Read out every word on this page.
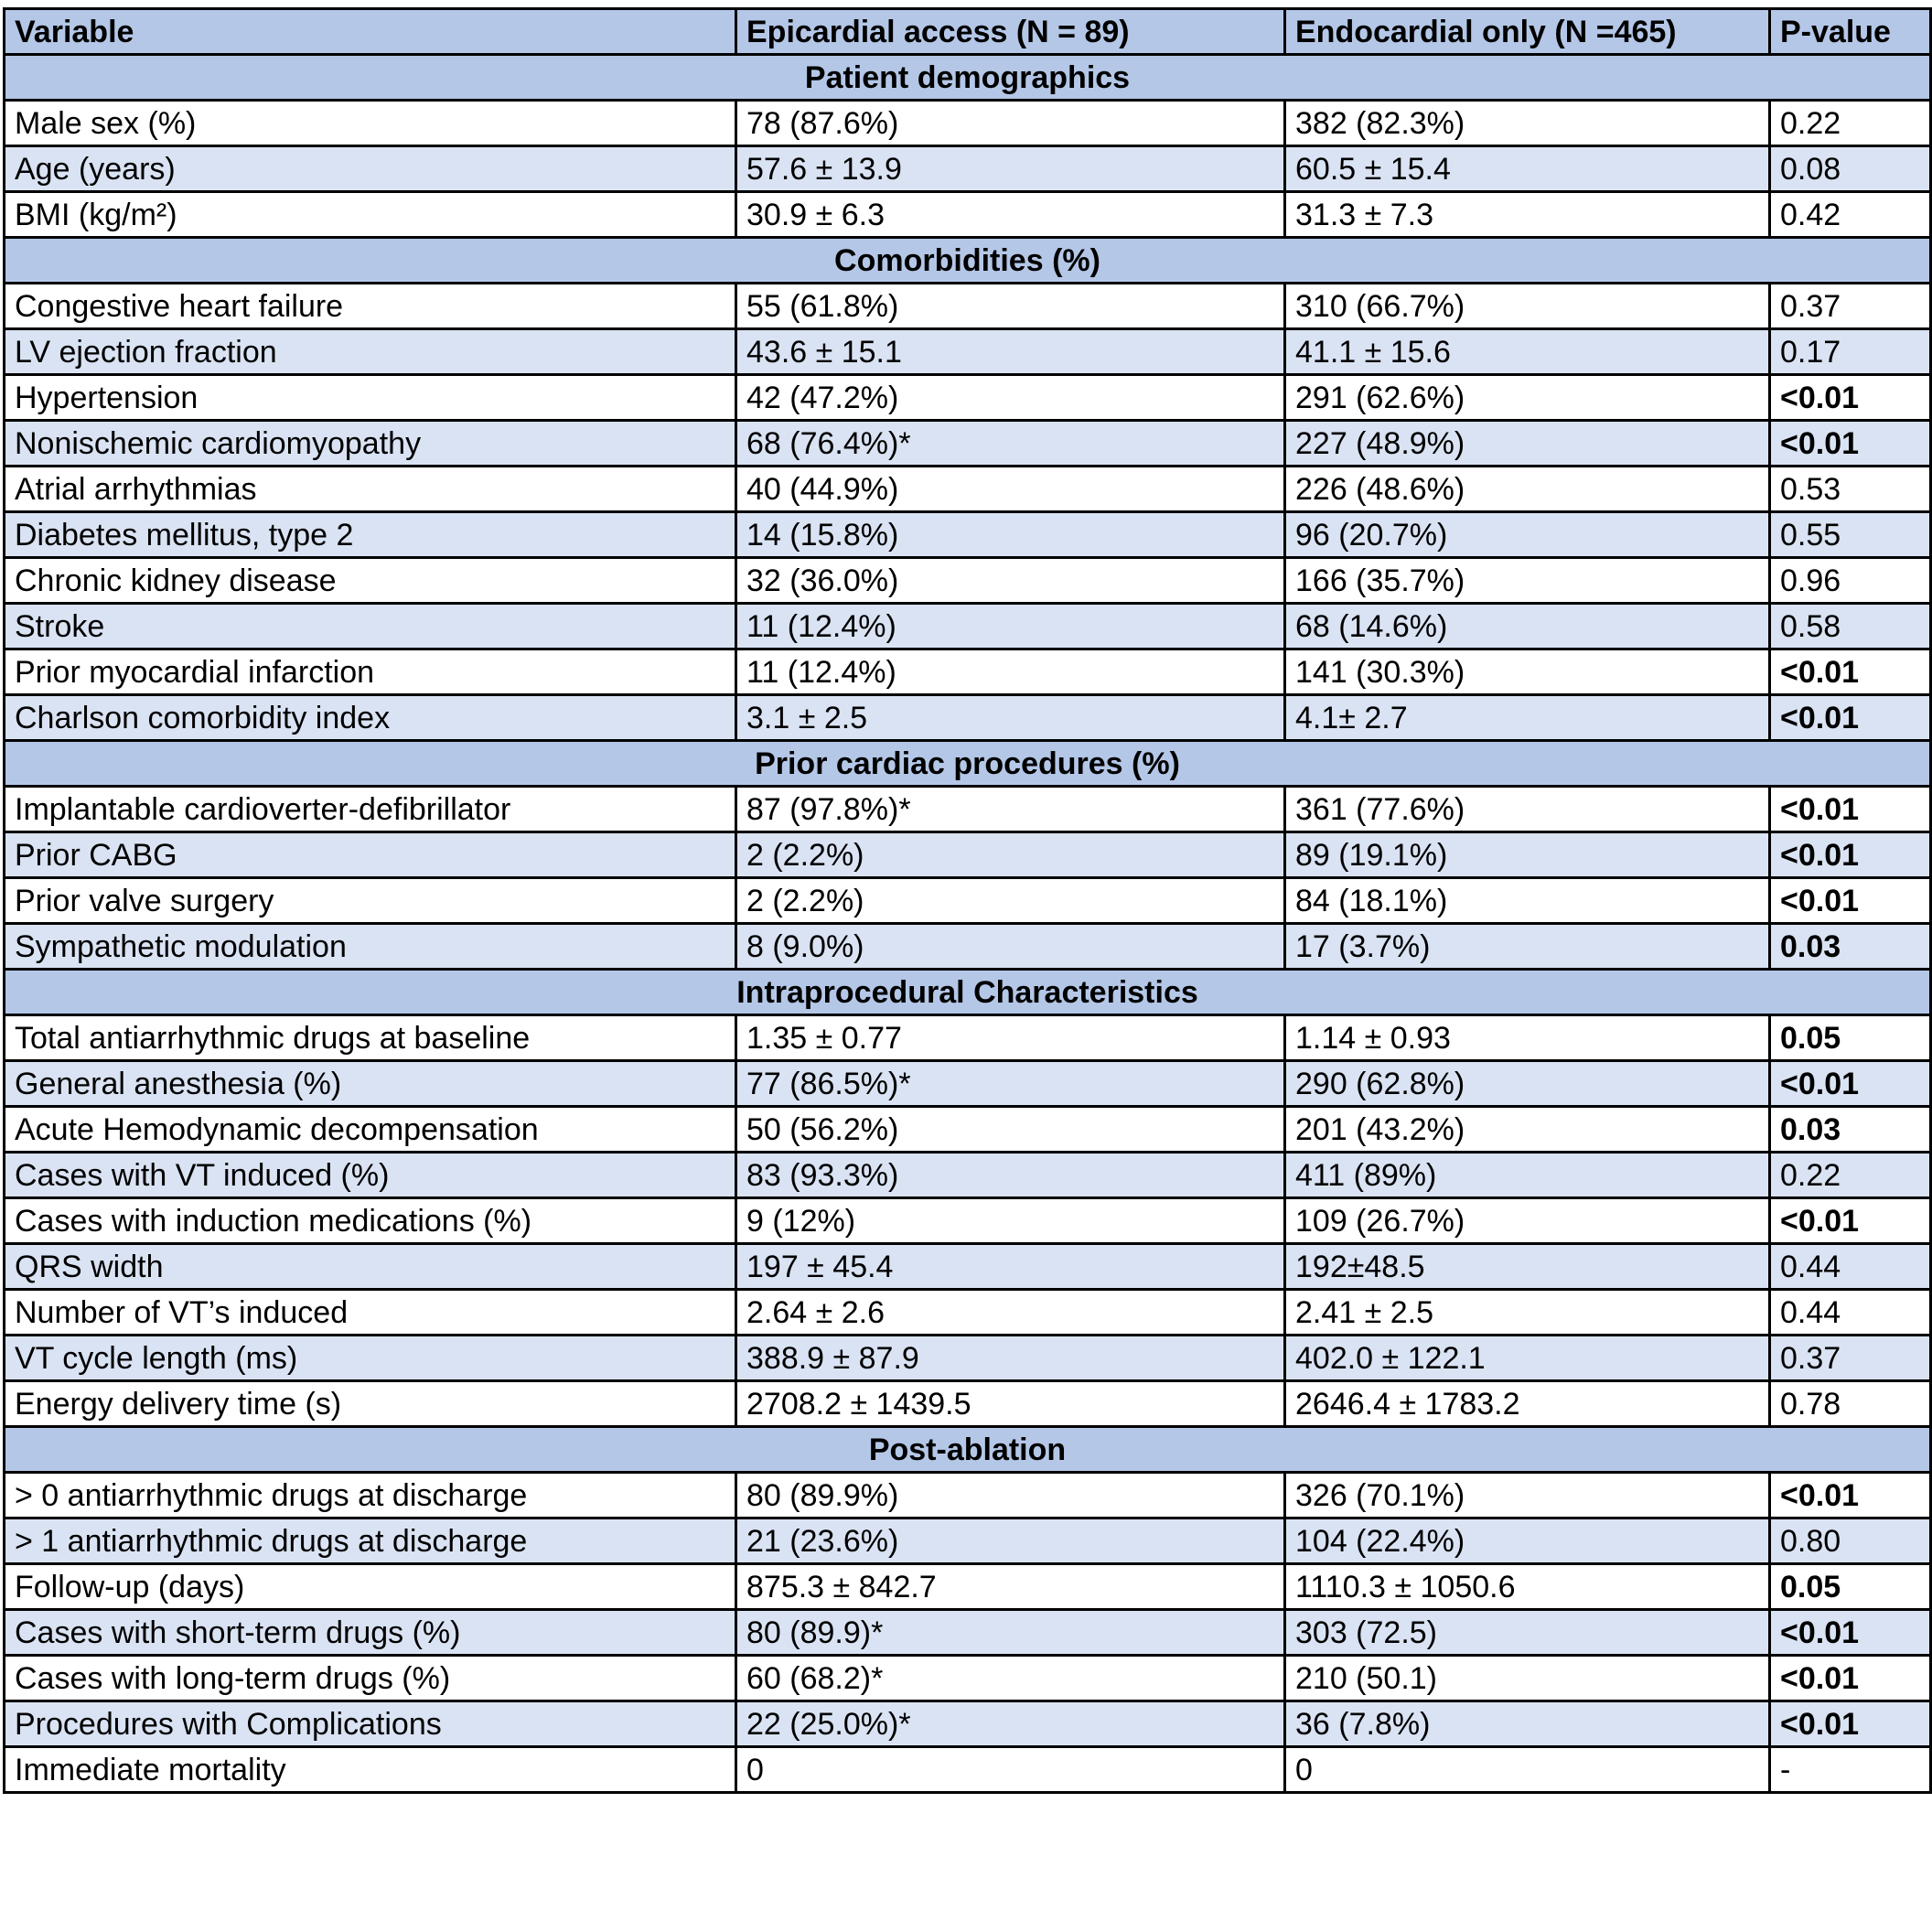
Variable	Epicardial access (N = 89)	Endocardial only (N =465)	P-value
Patient demographics			
Male sex (%)	78 (87.6%)	382 (82.3%)	0.22
Age (years)	57.6 ± 13.9	60.5 ± 15.4	0.08
BMI (kg/m²)	30.9 ± 6.3	31.3 ± 7.3	0.42
Comorbidities (%)			
Congestive heart failure	55 (61.8%)	310 (66.7%)	0.37
LV ejection fraction	43.6 ± 15.1	41.1 ± 15.6	0.17
Hypertension	42 (47.2%)	291 (62.6%)	<0.01
Nonischemic cardiomyopathy	68 (76.4%)*	227 (48.9%)	<0.01
Atrial arrhythmias	40 (44.9%)	226 (48.6%)	0.53
Diabetes mellitus, type 2	14 (15.8%)	96 (20.7%)	0.55
Chronic kidney disease	32 (36.0%)	166 (35.7%)	0.96
Stroke	11 (12.4%)	68 (14.6%)	0.58
Prior myocardial infarction	11 (12.4%)	141 (30.3%)	<0.01
Charlson comorbidity index	3.1 ± 2.5	4.1± 2.7	<0.01
Prior cardiac procedures (%)			
Implantable cardioverter-defibrillator	87 (97.8%)*	361 (77.6%)	<0.01
Prior CABG	2 (2.2%)	89 (19.1%)	<0.01
Prior valve surgery	2 (2.2%)	84 (18.1%)	<0.01
Sympathetic modulation	8 (9.0%)	17 (3.7%)	0.03
Intraprocedural Characteristics			
Total antiarrhythmic drugs at baseline	1.35 ± 0.77	1.14 ± 0.93	0.05
General anesthesia (%)	77 (86.5%)*	290 (62.8%)	<0.01
Acute Hemodynamic decompensation	50 (56.2%)	201 (43.2%)	0.03
Cases with VT induced (%)	83 (93.3%)	411 (89%)	0.22
Cases with induction medications (%)	9 (12%)	109 (26.7%)	<0.01
QRS width	197 ± 45.4	192±48.5	0.44
Number of VT’s induced	2.64 ± 2.6	2.41 ± 2.5	0.44
VT cycle length (ms)	388.9 ± 87.9	402.0 ± 122.1	0.37
Energy delivery time (s)	2708.2 ± 1439.5	2646.4 ± 1783.2	0.78
Post-ablation			
> 0 antiarrhythmic drugs at discharge	80 (89.9%)	326 (70.1%)	<0.01
> 1 antiarrhythmic drugs at discharge	21 (23.6%)	104 (22.4%)	0.80
Follow-up (days)	875.3 ± 842.7	1110.3 ± 1050.6	0.05
Cases with short-term drugs (%)	80 (89.9)*	303 (72.5)	<0.01
Cases with long-term drugs (%)	60 (68.2)*	210 (50.1)	<0.01
Procedures with Complications	22 (25.0%)*	36 (7.8%)	<0.01
Immediate mortality	0	0	-
